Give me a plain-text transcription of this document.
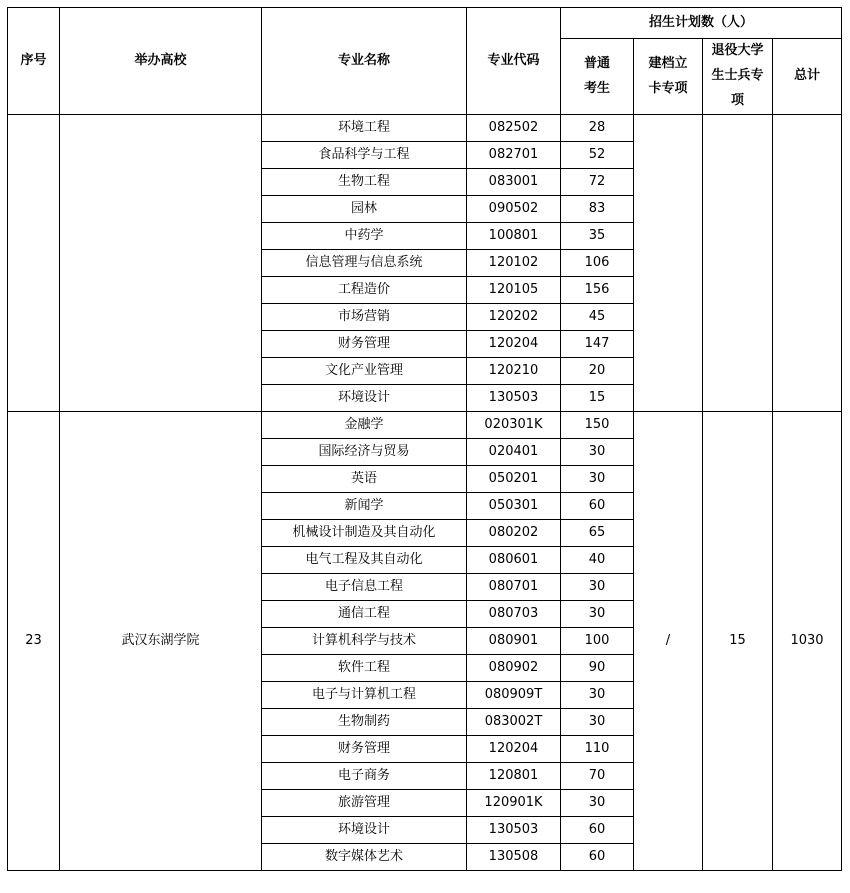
序号	举办高校	专业名称	专业代码	招生计划数（人）			

				普通考生	建档立卡专项	退役大学生士兵专项	总计
		环境工程	082502	28			
		食品科学与工程	082701	52			
		生物工程	083001	72			
		园林	090502	83			
		中药学	100801	35			
		信息管理与信息系统	120102	106			
		工程造价	120105	156			
		市场营销	120202	45			
		财务管理	120204	147			
		文化产业管理	120210	20			
		环境设计	130503	15			
23	武汉东湖学院	金融学	020301K	150	/	15	1030
		国际经济与贸易	020401	30			
		英语	050201	30			
		新闻学	050301	60			
		机械设计制造及其自动化	080202	65			
		电气工程及其自动化	080601	40			
		电子信息工程	080701	30			
		通信工程	080703	30			
		计算机科学与技术	080901	100			
		软件工程	080902	90			
		电子与计算机工程	080909T	30			
		生物制药	083002T	30			
		财务管理	120204	110			
		电子商务	120801	70			
		旅游管理	120901K	30			
		环境设计	130503	60			
		数字媒体艺术	130508	60			
